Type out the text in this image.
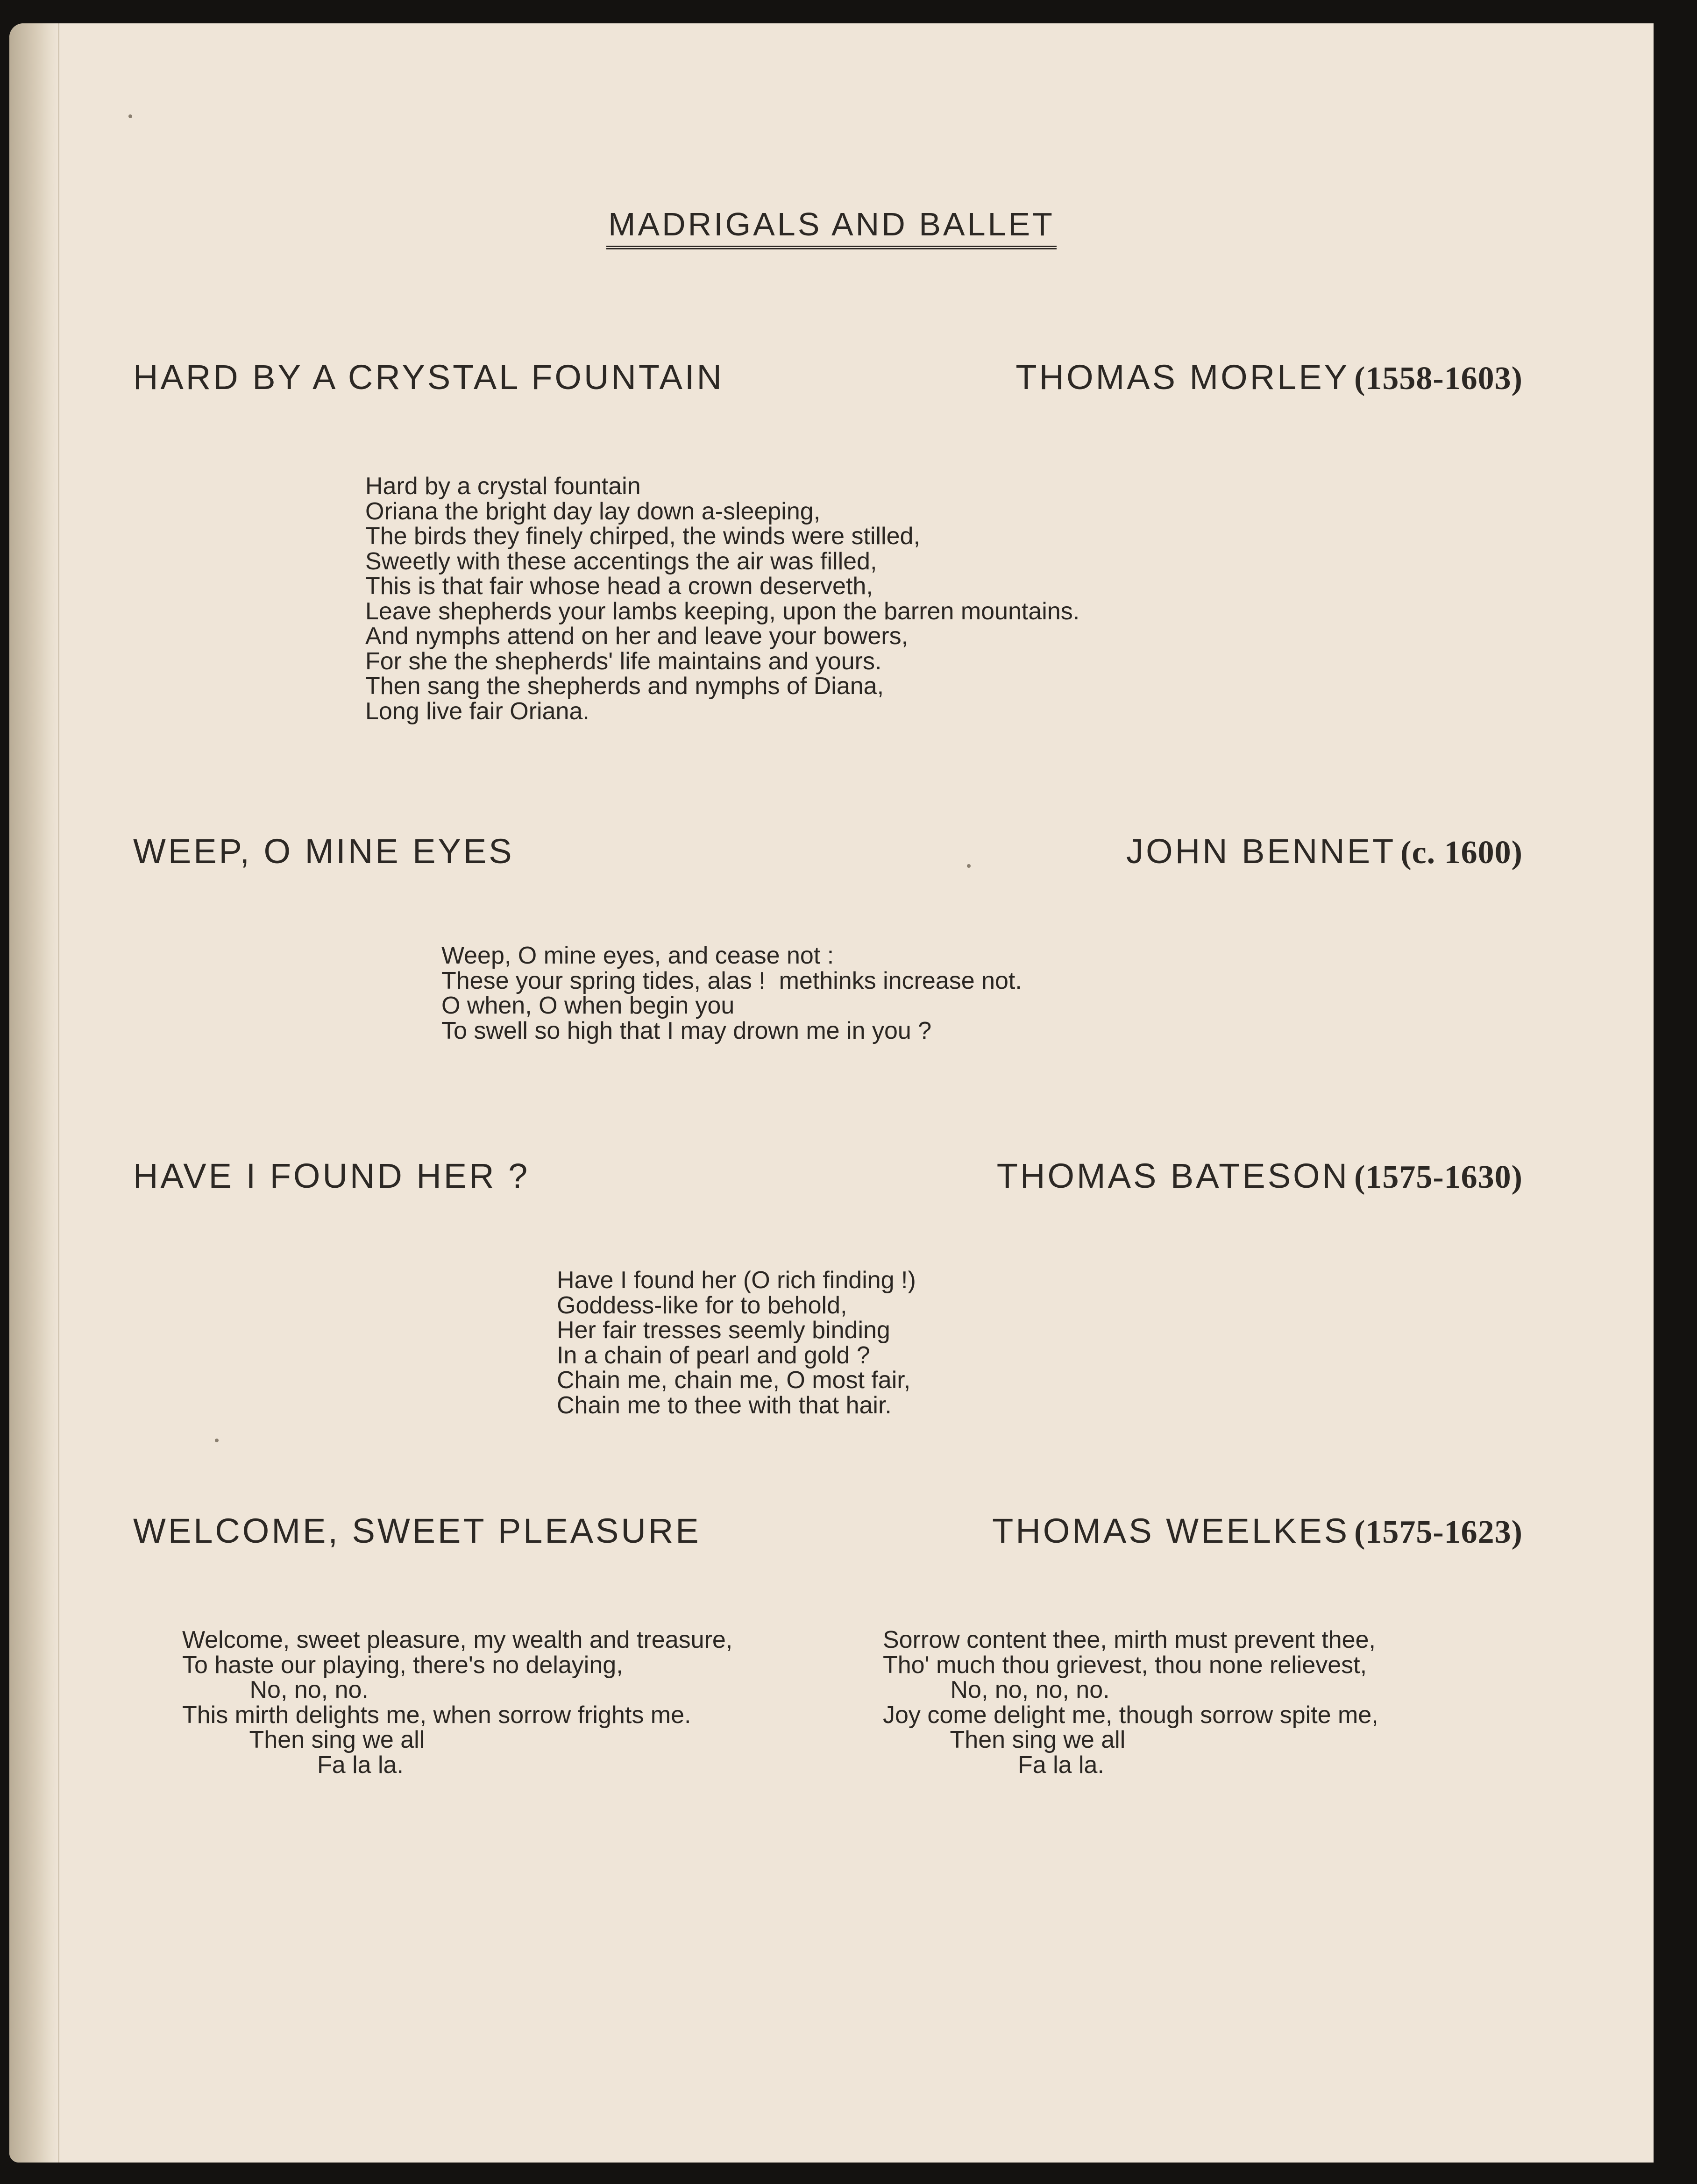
MADRIGALS AND BALLET
HARD BY A CRYSTAL FOUNTAIN	THOMAS MORLEY (1558-1603)
Hard by a crystal fountain
Oriana the bright day lay down a-sleeping,
The birds they finely chirped, the winds were stilled,
Sweetly with these accentings the air was filled,
This is that fair whose head a crown deserveth,
Leave shepherds your lambs keeping, upon the barren mountains.
And nymphs attend on her and leave your bowers,
For she the shepherds' life maintains and yours.
Then sang the shepherds and nymphs of Diana,
Long live fair Oriana.
WEEP, O MINE EYES	JOHN BENNET (c. 1600)
Weep, O mine eyes, and cease not :
These your spring tides, alas !  methinks increase not.
O when, O when begin you
To swell so high that I may drown me in you ?
HAVE I FOUND HER ?	THOMAS BATESON (1575-1630)
Have I found her (O rich finding !)
Goddess-like for to behold,
Her fair tresses seemly binding
In a chain of pearl and gold ?
Chain me, chain me, O most fair,
Chain me to thee with that hair.
WELCOME, SWEET PLEASURE	THOMAS WEELKES (1575-1623)
Welcome, sweet pleasure, my wealth and treasure,
To haste our playing, there's no delaying,
No, no, no.
This mirth delights me, when sorrow frights me.
Then sing we all
Fa la la.
Sorrow content thee, mirth must prevent thee,
Tho' much thou grievest, thou none relievest,
No, no, no, no.
Joy come delight me, though sorrow spite me,
Then sing we all
Fa la la.
